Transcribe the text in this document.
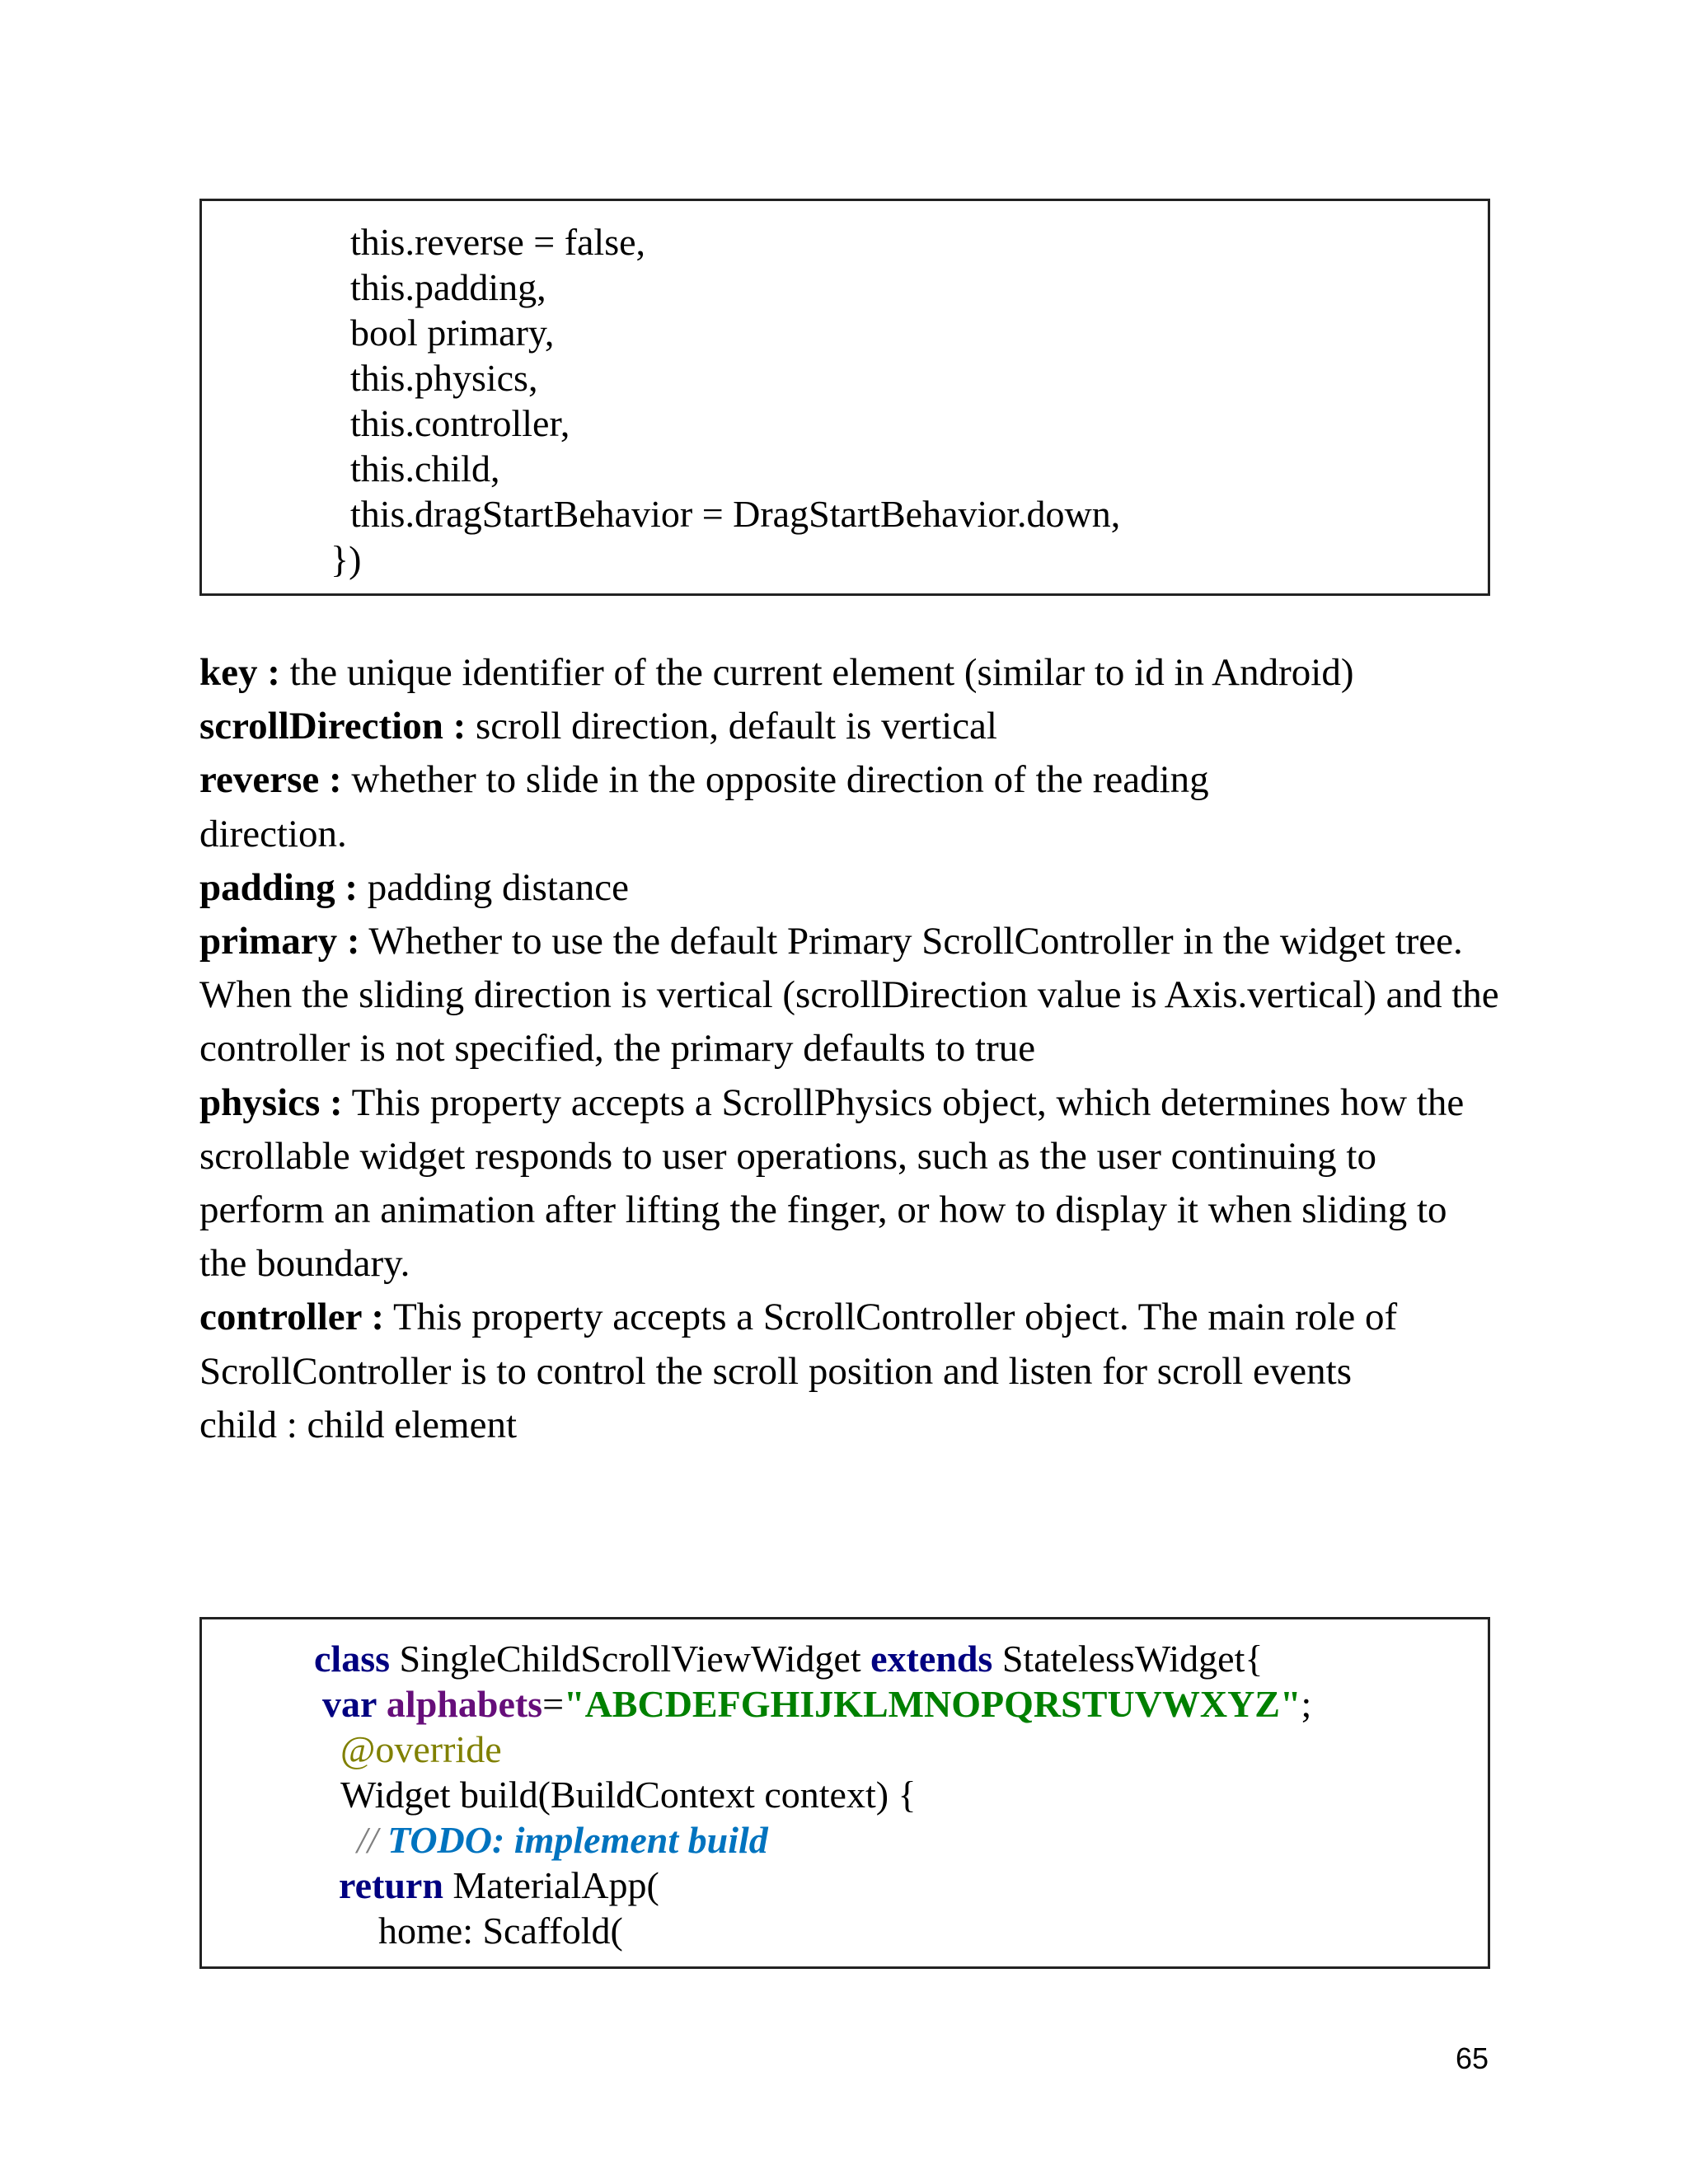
this.reverse = false,
this.padding,
bool primary,
this.physics,
this.controller,
this.child,
this.dragStartBehavior = DragStartBehavior.down,
})

key : the unique identifier of the current element (similar to id in Android)

scrollDirection : scroll direction, default is vertical

reverse : whether to slide in the opposite direction of the reading direction.

padding : padding distance

primary : Whether to use the default Primary ScrollController in the widget tree. When the sliding direction is vertical (scrollDirection value is Axis.vertical) and the controller is not specified, the primary defaults to true

physics : This property accepts a ScrollPhysics object, which determines how the scrollable widget responds to user operations, such as the user continuing to perform an animation after lifting the finger, or how to display it when sliding to the boundary.

controller : This property accepts a ScrollController object. The main role of ScrollController is to control the scroll position and listen for scroll events

child : child element

class SingleChildScrollViewWidget extends StatelessWidget{
var alphabets="ABCDEFGHIJKLMNOPQRSTUVWXYZ";
@override
Widget build(BuildContext context) {
// TODO: implement build
return MaterialApp(
home: Scaffold(
65
